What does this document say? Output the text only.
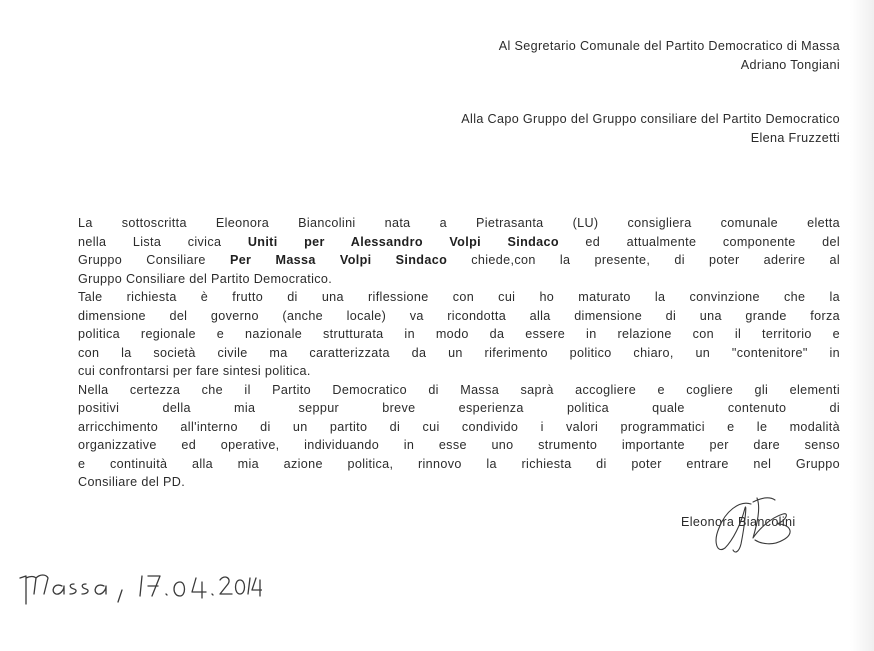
Al Segretario Comunale del Partito Democratico di Massa
Adriano Tongiani
Alla Capo Gruppo del Gruppo consiliare del Partito Democratico
Elena Fruzzetti
La sottoscritta Eleonora Biancolini nata a Pietrasanta (LU) consigliera comunale eletta
nella Lista civica Uniti per Alessandro Volpi Sindaco ed attualmente componente del
Gruppo Consiliare Per Massa Volpi Sindaco chiede,con la presente, di poter aderire al
Gruppo Consiliare del Partito Democratico.
Tale richiesta è frutto di una riflessione con cui ho maturato la convinzione che la
dimensione del governo (anche locale) va ricondotta alla dimensione di una grande forza
politica regionale e nazionale strutturata in modo da essere in relazione con il territorio e
con la società civile ma caratterizzata da un riferimento politico chiaro, un "contenitore" in
cui confrontarsi per fare sintesi politica.
Nella certezza che il Partito Democratico di Massa saprà accogliere e cogliere gli elementi
positivi della mia seppur breve esperienza politica quale contenuto di
arricchimento all'interno di un partito di cui condivido i valori programmatici e le modalità
organizzative ed operative, individuando in esse uno strumento importante per dare senso
e continuità alla mia azione politica, rinnovo la richiesta di poter entrare nel Gruppo
Consiliare del PD.
Eleonora Biancolini
